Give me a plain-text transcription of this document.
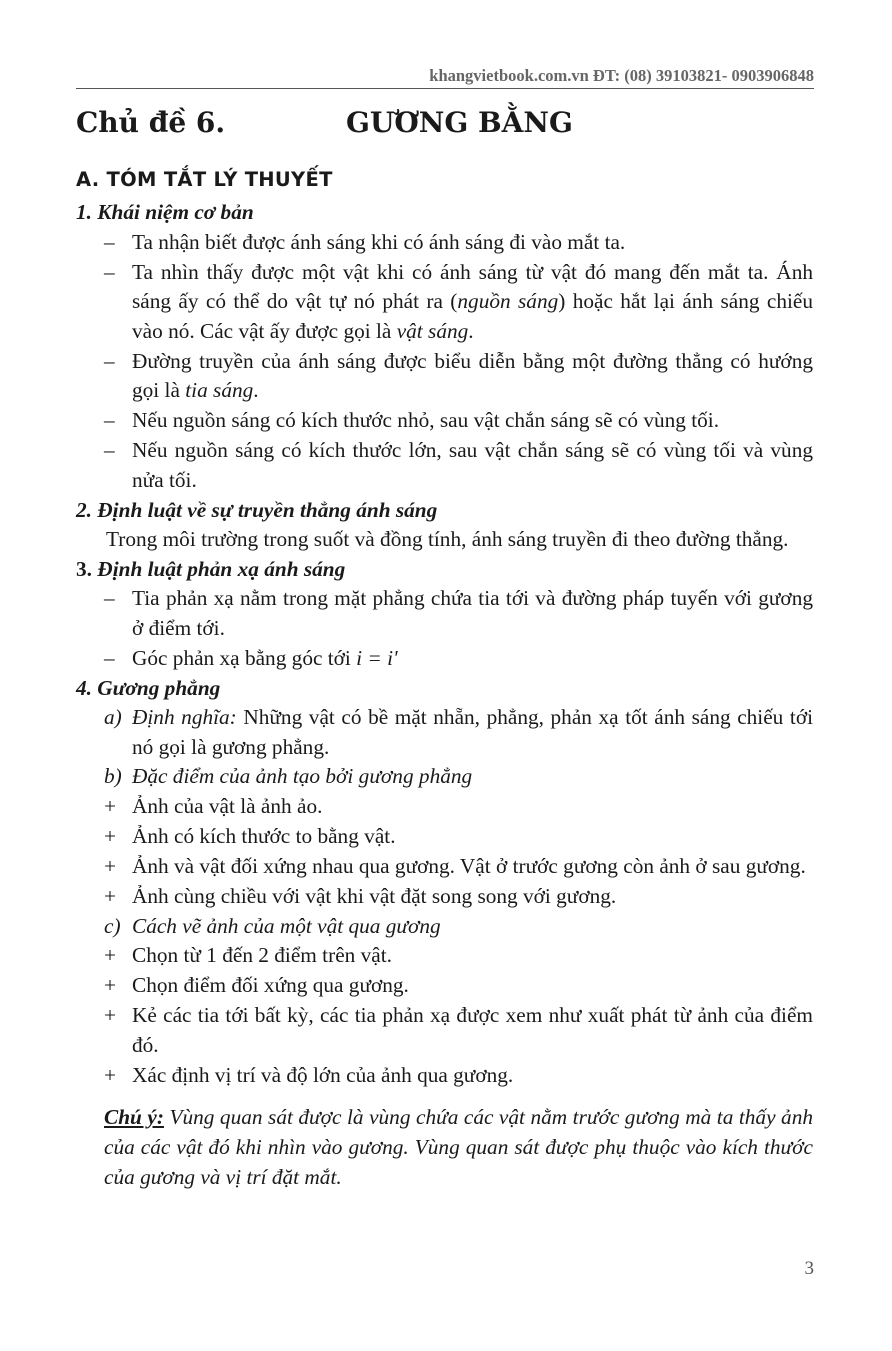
khangvietbook.com.vn ĐT: (08) 39103821- 0903906848
Chủ đề 6.	GƯƠNG BẰNG
A. TÓM TẮT LÝ THUYẾT
1. Khái niệm cơ bản
– Ta nhận biết được ánh sáng khi có ánh sáng đi vào mắt ta.
– Ta nhìn thấy được một vật khi có ánh sáng từ vật đó mang đến mắt ta. Ánh sáng ấy có thể do vật tự nó phát ra (nguồn sáng) hoặc hắt lại ánh sáng chiếu vào nó. Các vật ấy được gọi là vật sáng.
– Đường truyền của ánh sáng được biểu diễn bằng một đường thẳng có hướng gọi là tia sáng.
– Nếu nguồn sáng có kích thước nhỏ, sau vật chắn sáng sẽ có vùng tối.
– Nếu nguồn sáng có kích thước lớn, sau vật chắn sáng sẽ có vùng tối và vùng nửa tối.
2. Định luật về sự truyền thẳng ánh sáng
Trong môi trường trong suốt và đồng tính, ánh sáng truyền đi theo đường thẳng.
3. Định luật phản xạ ánh sáng
– Tia phản xạ nằm trong mặt phẳng chứa tia tới và đường pháp tuyến với gương ở điểm tới.
– Góc phản xạ bằng góc tới i = i'
4. Gương phẳng
a) Định nghĩa: Những vật có bề mặt nhẵn, phẳng, phản xạ tốt ánh sáng chiếu tới nó gọi là gương phẳng.
b) Đặc điểm của ảnh tạo bởi gương phẳng
+ Ảnh của vật là ảnh ảo.
+ Ảnh có kích thước to bằng vật.
+ Ảnh và vật đối xứng nhau qua gương. Vật ở trước gương còn ảnh ở sau gương.
+ Ảnh cùng chiều với vật khi vật đặt song song với gương.
c) Cách vẽ ảnh của một vật qua gương
+ Chọn từ 1 đến 2 điểm trên vật.
+ Chọn điểm đối xứng qua gương.
+ Kẻ các tia tới bất kỳ, các tia phản xạ được xem như xuất phát từ ảnh của điểm đó.
+ Xác định vị trí và độ lớn của ảnh qua gương.
Chú ý: Vùng quan sát được là vùng chứa các vật nằm trước gương mà ta thấy ảnh của các vật đó khi nhìn vào gương. Vùng quan sát được phụ thuộc vào kích thước của gương và vị trí đặt mắt.
3
